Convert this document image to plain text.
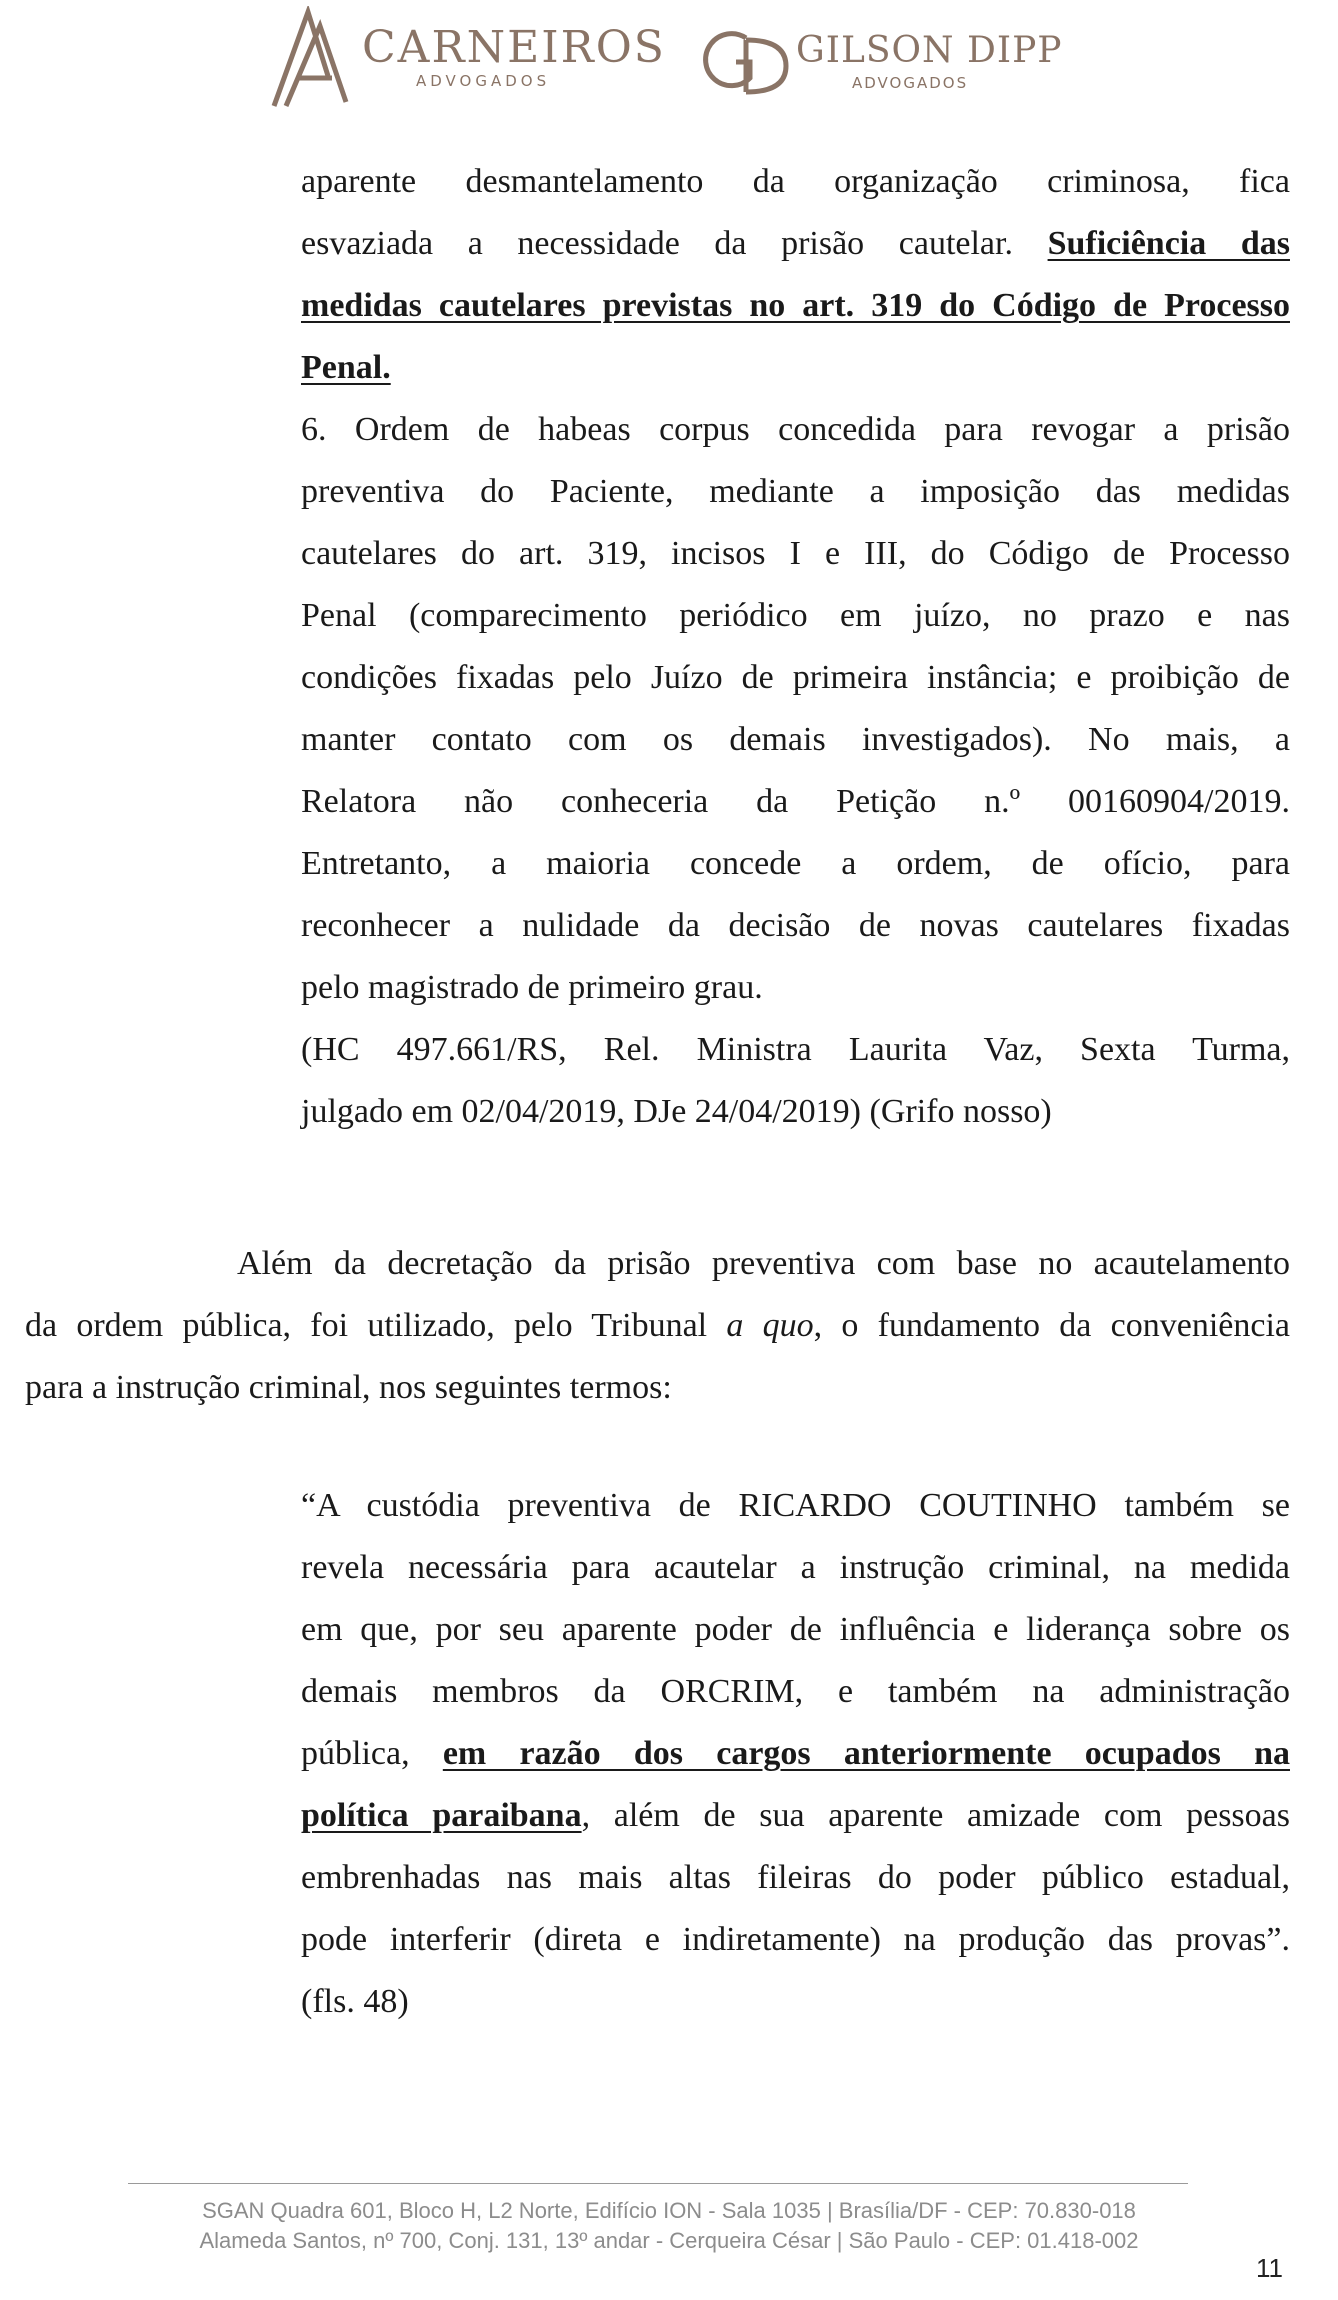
CARNEIROS
ADVOGADOS
GILSON DIPP
ADVOGADOS

aparente desmantelamento da organização criminosa, fica

esvaziada a necessidade da prisão cautelar. Suficiência das

medidas cautelares previstas no art. 319 do Código de Processo

Penal.

6. Ordem de habeas corpus concedida para revogar a prisão

preventiva do Paciente, mediante a imposição das medidas

cautelares do art. 319, incisos I e III, do Código de Processo

Penal (comparecimento periódico em juízo, no prazo e nas

condições fixadas pelo Juízo de primeira instância; e proibição de

manter contato com os demais investigados). No mais, a

Relatora não conheceria da Petição n.º 00160904/2019.

Entretanto, a maioria concede a ordem, de ofício, para

reconhecer a nulidade da decisão de novas cautelares fixadas

pelo magistrado de primeiro grau.

(HC 497.661/RS, Rel. Ministra Laurita Vaz, Sexta Turma,

julgado em 02/04/2019, DJe 24/04/2019) (Grifo nosso)

Além da decretação da prisão preventiva com base no acautelamento

da ordem pública, foi utilizado, pelo Tribunal a quo, o fundamento da conveniência

para a instrução criminal, nos seguintes termos:

“A custódia preventiva de RICARDO COUTINHO também se

revela necessária para acautelar a instrução criminal, na medida

em que, por seu aparente poder de influência e liderança sobre os

demais membros da ORCRIM, e também na administração

pública, em razão dos cargos anteriormente ocupados na

política paraibana, além de sua aparente amizade com pessoas

embrenhadas nas mais altas fileiras do poder público estadual,

pode interferir (direta e indiretamente) na produção das provas”.

(fls. 48)

SGAN Quadra 601, Bloco H, L2 Norte, Edifício ION - Sala 1035 | Brasília/DF - CEP: 70.830-018
Alameda Santos, nº 700, Conj. 131, 13º andar - Cerqueira César | São Paulo - CEP: 01.418-002
11
